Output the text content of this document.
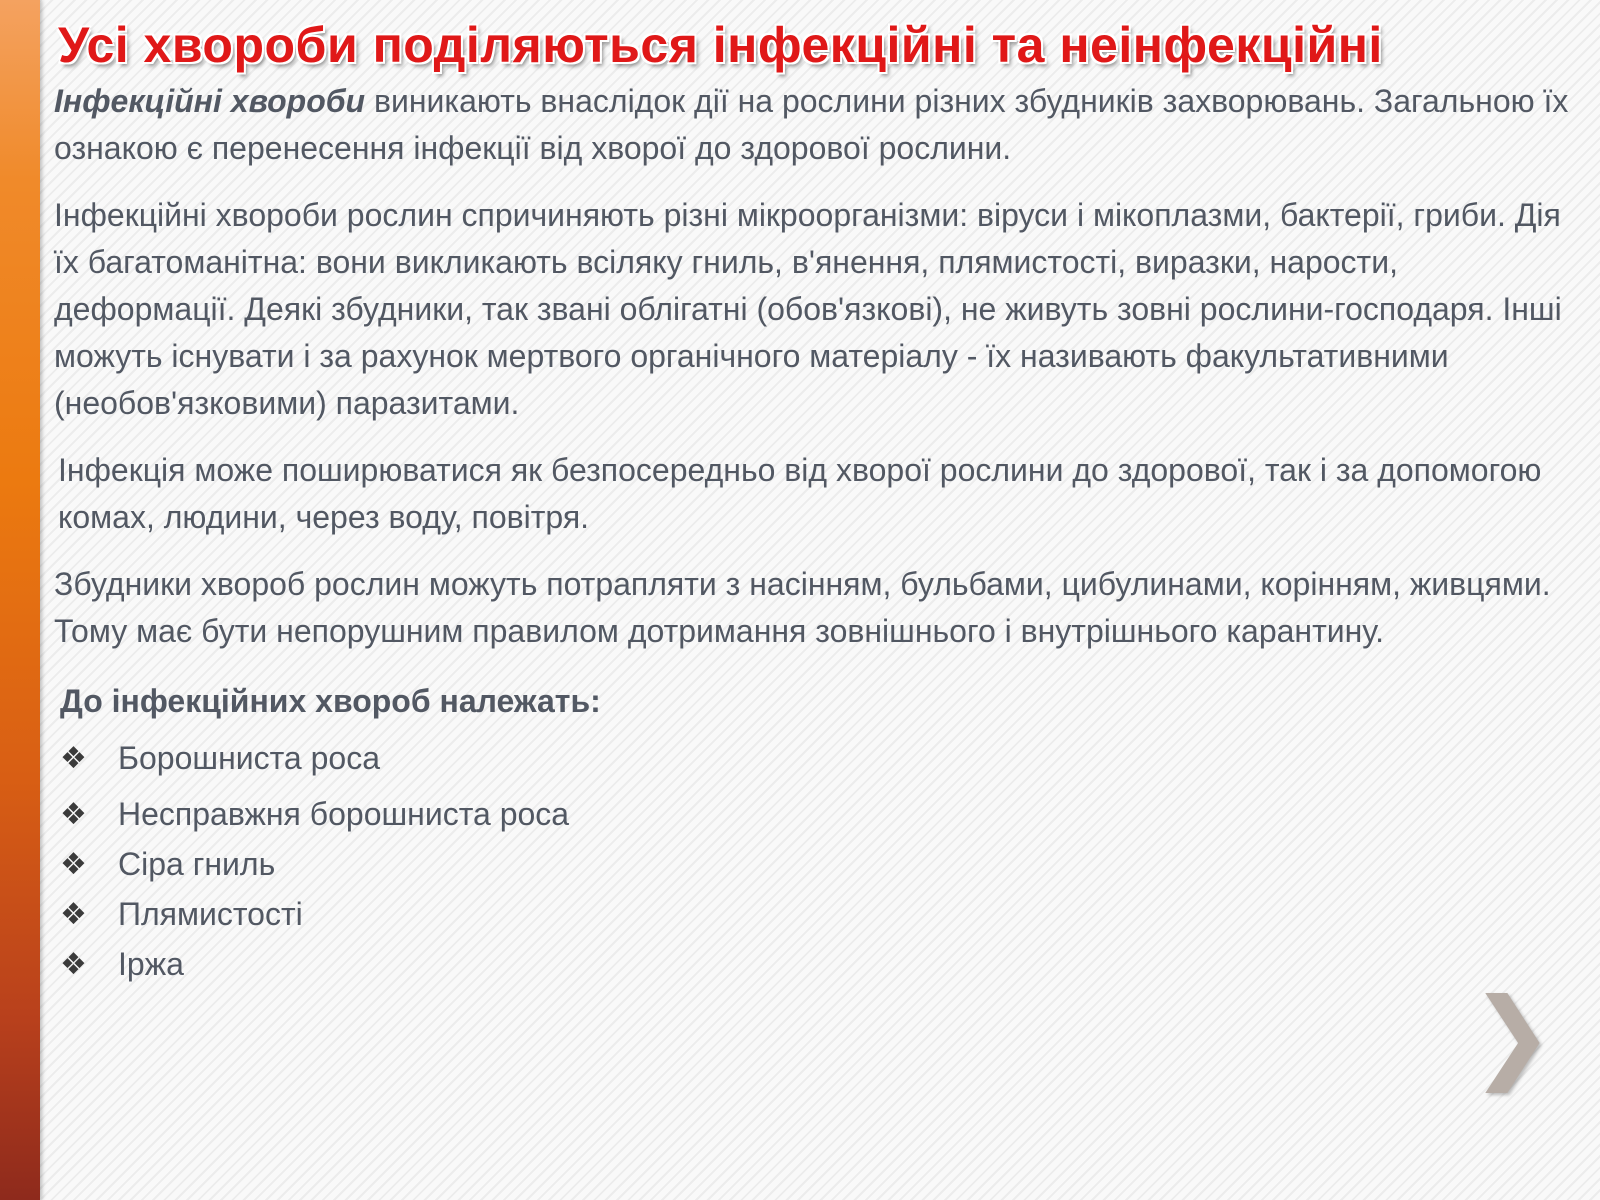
Усі хвороби поділяються інфекційні та неінфекційні

Інфекційні хвороби виникають внаслідок дії на рослини різних збудників захворювань. Загальною їх ознакою є перенесення інфекції від хворої до здорової рослини.

Інфекційні хвороби рослин спричиняють різні мікроорганізми: віруси і мікоплазми, бактерії, гриби. Дія їх багатоманітна: вони викликають всіляку гниль, в'янення, плямистості, виразки, нарости, деформації. Деякі збудники, так звані облігатні (обов'язкові), не живуть зовні рослини-господаря. Інші можуть існувати і за рахунок мертвого органічного матеріалу - їх називають факультативними (необов'язковими) паразитами.

Інфекція може поширюватися як безпосередньо від хворої рослини до здорової, так і за допомогою комах, людини, через воду, повітря.

Збудники хвороб рослин можуть потрапляти з насінням, бульбами, цибулинами, корінням, живцями. Тому має бути непорушним правилом дотримання зовнішнього і внутрішнього карантину.

До інфекційних хвороб належать:
❖ Борошниста роса
❖ Несправжня борошниста роса
❖ Сіра гниль
❖ Плямистості
❖ Іржа
❯
